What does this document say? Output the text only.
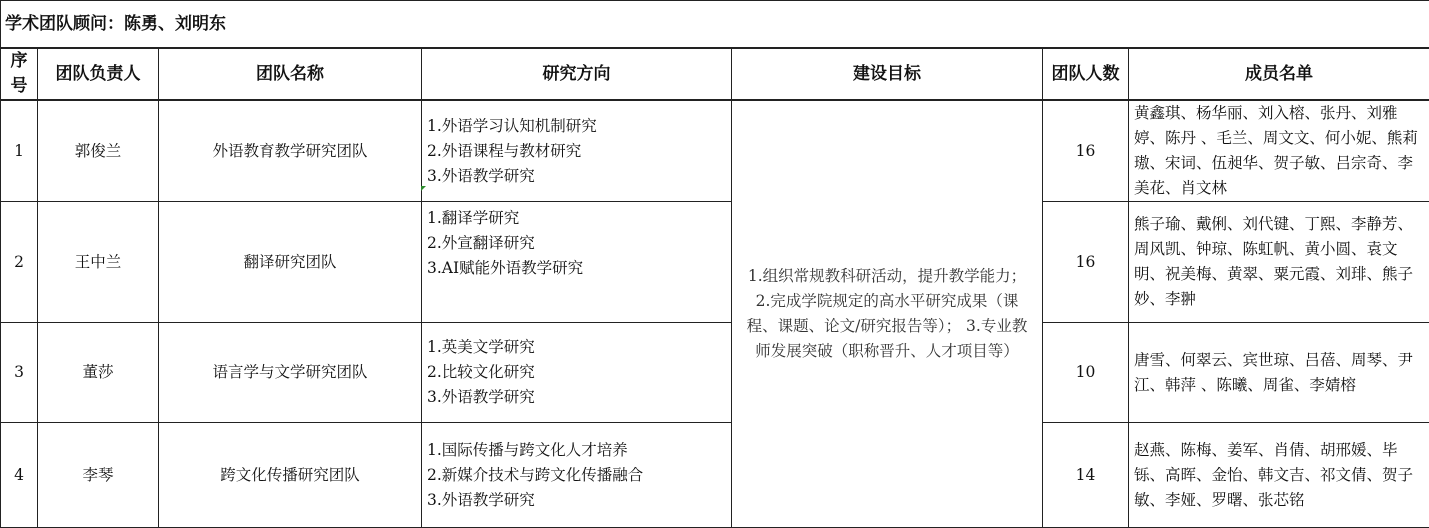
学术团队顾问：陈勇、刘明东						
序号	团队负责人	团队名称	研究方向	建设目标	团队人数	成员名单
1	郭俊兰	外语教育教学研究团队	1.外语学习认知机制研究
2.外语课程与教材研究
3.外语教学研究	1.组织常规教科研活动，提升教学能力； 2.完成学院规定的高水平研究成果（课程、课题、论文/研究报告等）； 3.专业教师发展突破（职称晋升、人才项目等）	16	黄鑫琪、杨华丽、刘入榕、张丹、刘雅婷、陈丹 、毛兰、周文文、何小妮、熊莉璈、宋词、伍昶华、贺子敏、吕宗奇、李美花、肖文林
2	王中兰	翻译研究团队	1.翻译学研究
2.外宣翻译研究
3.AI赋能外语教学研究		16	熊子瑜、戴俐、刘代键、丁熙、李静芳、周风凯、钟琼、陈虹帆、黄小圆、袁文明、祝美梅、黄翠、粟元霞、刘琲、熊子妙、李翀
3	董莎	语言学与文学研究团队	1.英美文学研究
2.比较文化研究
3.外语教学研究		10	唐雪、何翠云、宾世琼、吕蓓、周琴、尹江、韩萍 、陈曦、周雀、李婧榕
4	李琴	跨文化传播研究团队	1.国际传播与跨文化人才培养
2.新媒介技术与跨文化传播融合
3.外语教学研究		14	赵燕、陈梅、姜军、肖倩、胡邢媛、毕铄、高晖、金怡、韩文吉、祁文倩、贺子敏、李娅、罗曙、张芯铭
